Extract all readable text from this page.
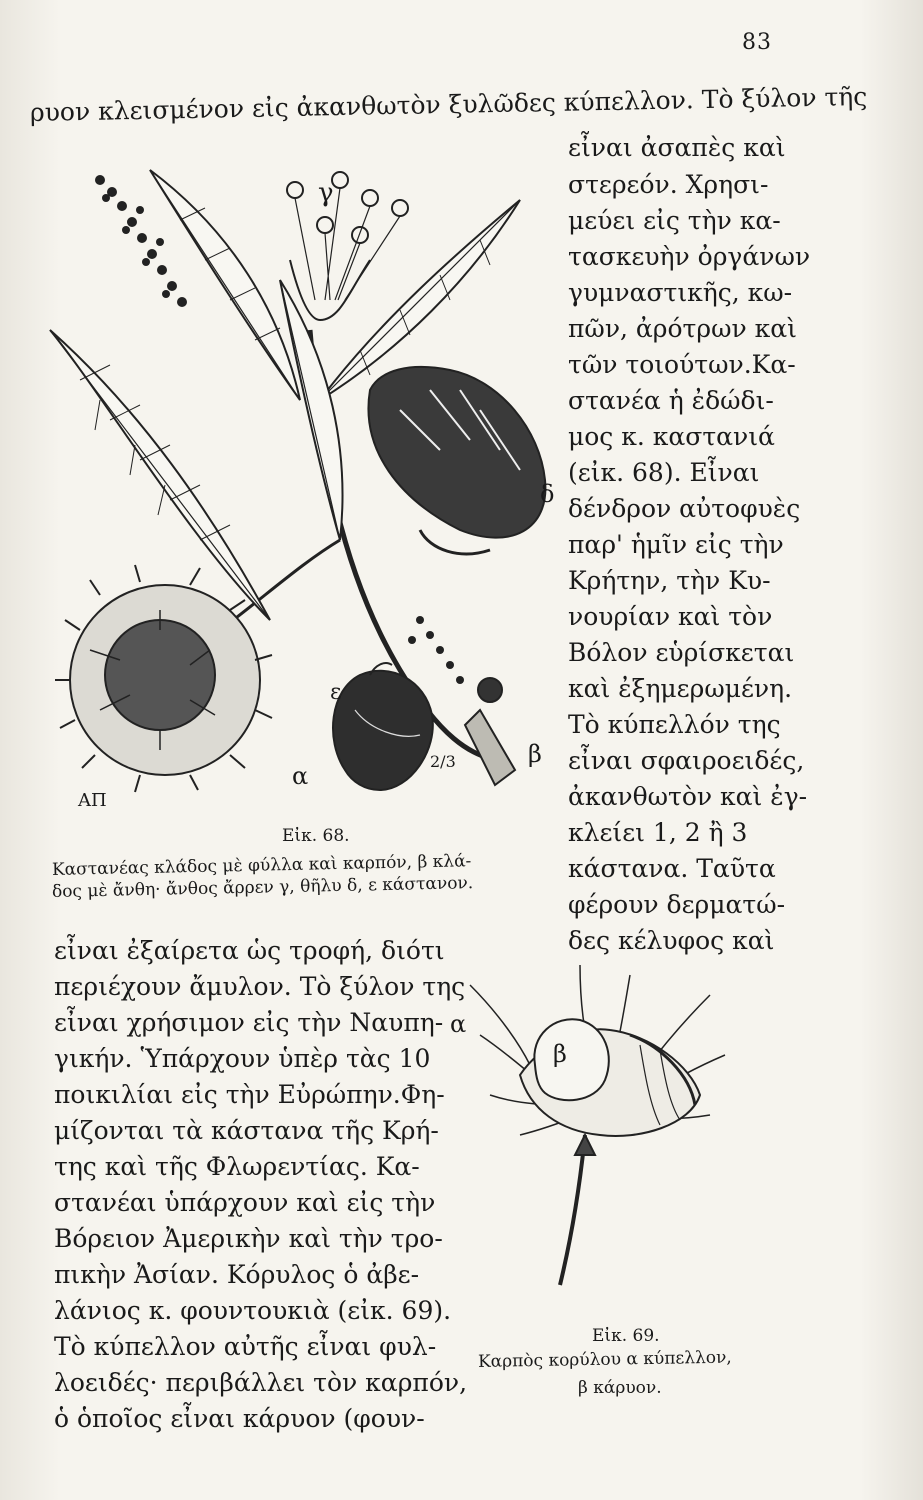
83
ρυον κλεισμένον εἰς ἀκανθωτὸν ξυλῶδες κύπελλον. Τὸ ξύλον τῆς
εἶναι ἀσαπὲς καὶ
στερεόν. Χρησι-
μεύει εἰς τὴν κα-
τασκευὴν ὀργάνων
γυμναστικῆς, κω-
πῶν, ἀρότρων καὶ
τῶν τοιούτων.Κα-
στανέα ἡ ἐδώδι-
μος κ. καστανιά
(εἰκ. 68). Εἶναι
δένδρον αὐτοφυὲς
παρ' ἡμῖν εἰς τὴν
Κρήτην, τὴν Κυ-
νουρίαν καὶ τὸν
Βόλον εὑρίσκεται
καὶ ἐξημερωμένη.
Τὸ κύπελλόν της
εἶναι σφαιροειδές,
ἀκανθωτὸν καὶ ἐγ-
κλείει 1, 2 ἢ 3
κάστανα. Ταῦτα
φέρουν δερματώ-
δες κέλυφος καὶ
γ
δ
ε
β
α
2/3
ΑΠ
Εἰκ. 68.
Καστανέας κλάδος μὲ φύλλα καὶ καρπόν, β κλά-
δος μὲ ἄνθη· ἄνθος ἄρρεν γ, θῆλυ δ, ε κάστανον.
εἶναι ἐξαίρετα ὡς τροφή, διότι
περιέχουν ἄμυλον. Τὸ ξύλον της
εἶναι χρήσιμον εἰς τὴν Ναυπη-
γικήν. Ὑπάρχουν ὑπὲρ τὰς 10
ποικιλίαι εἰς τὴν Εὐρώπην.Φη-
μίζονται τὰ κάστανα τῆς Κρή-
της καὶ τῆς Φλωρεντίας. Κα-
στανέαι ὑπάρχουν καὶ εἰς τὴν
Βόρειον Ἀμερικὴν καὶ τὴν τρο-
πικὴν Ἀσίαν. Κόρυλος ὁ ἀβε-
λάνιος κ. φουντουκιὰ (εἰκ. 69).
Τὸ κύπελλον αὐτῆς εἶναι φυλ-
λοειδές· περιβάλλει τὸν καρπόν,
ὁ ὁποῖος εἶναι κάρυον (φουν-
α
β
Εἰκ. 69.
Καρπὸς κορύλου α κύπελλον,
β κάρυον.
